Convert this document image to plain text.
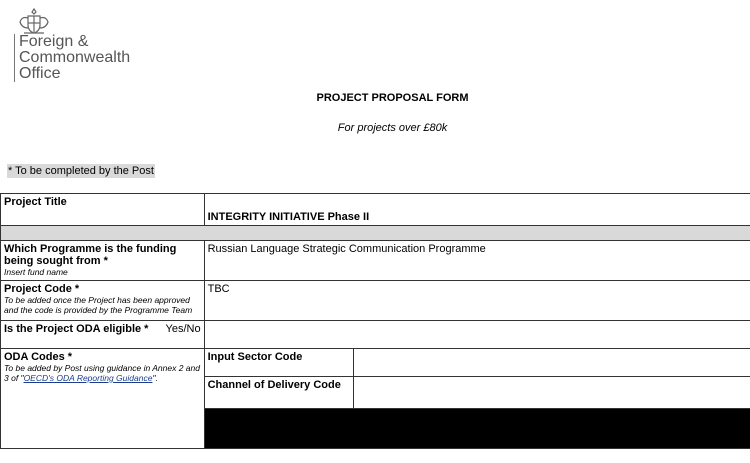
Foreign &
Commonwealth
Office
PROJECT PROPOSAL FORM
For projects over £80k
* To be completed by the Post
Project Title	INTEGRITY INITIATIVE Phase II	

Which Programme is the funding being sought from *
Insert fund name	Russian Language Strategic Communication Programme	

Project Code *
To be added once the Project has been approved and the code is provided by the Programme Team	TBC	
Is the Project ODA eligible * Yes/No		

ODA Codes *
To be added by Post using guidance in Annex 2 and 3 of "OECD's ODA Reporting Guidance".	Input Sector Code	
	Channel of Delivery Code	
